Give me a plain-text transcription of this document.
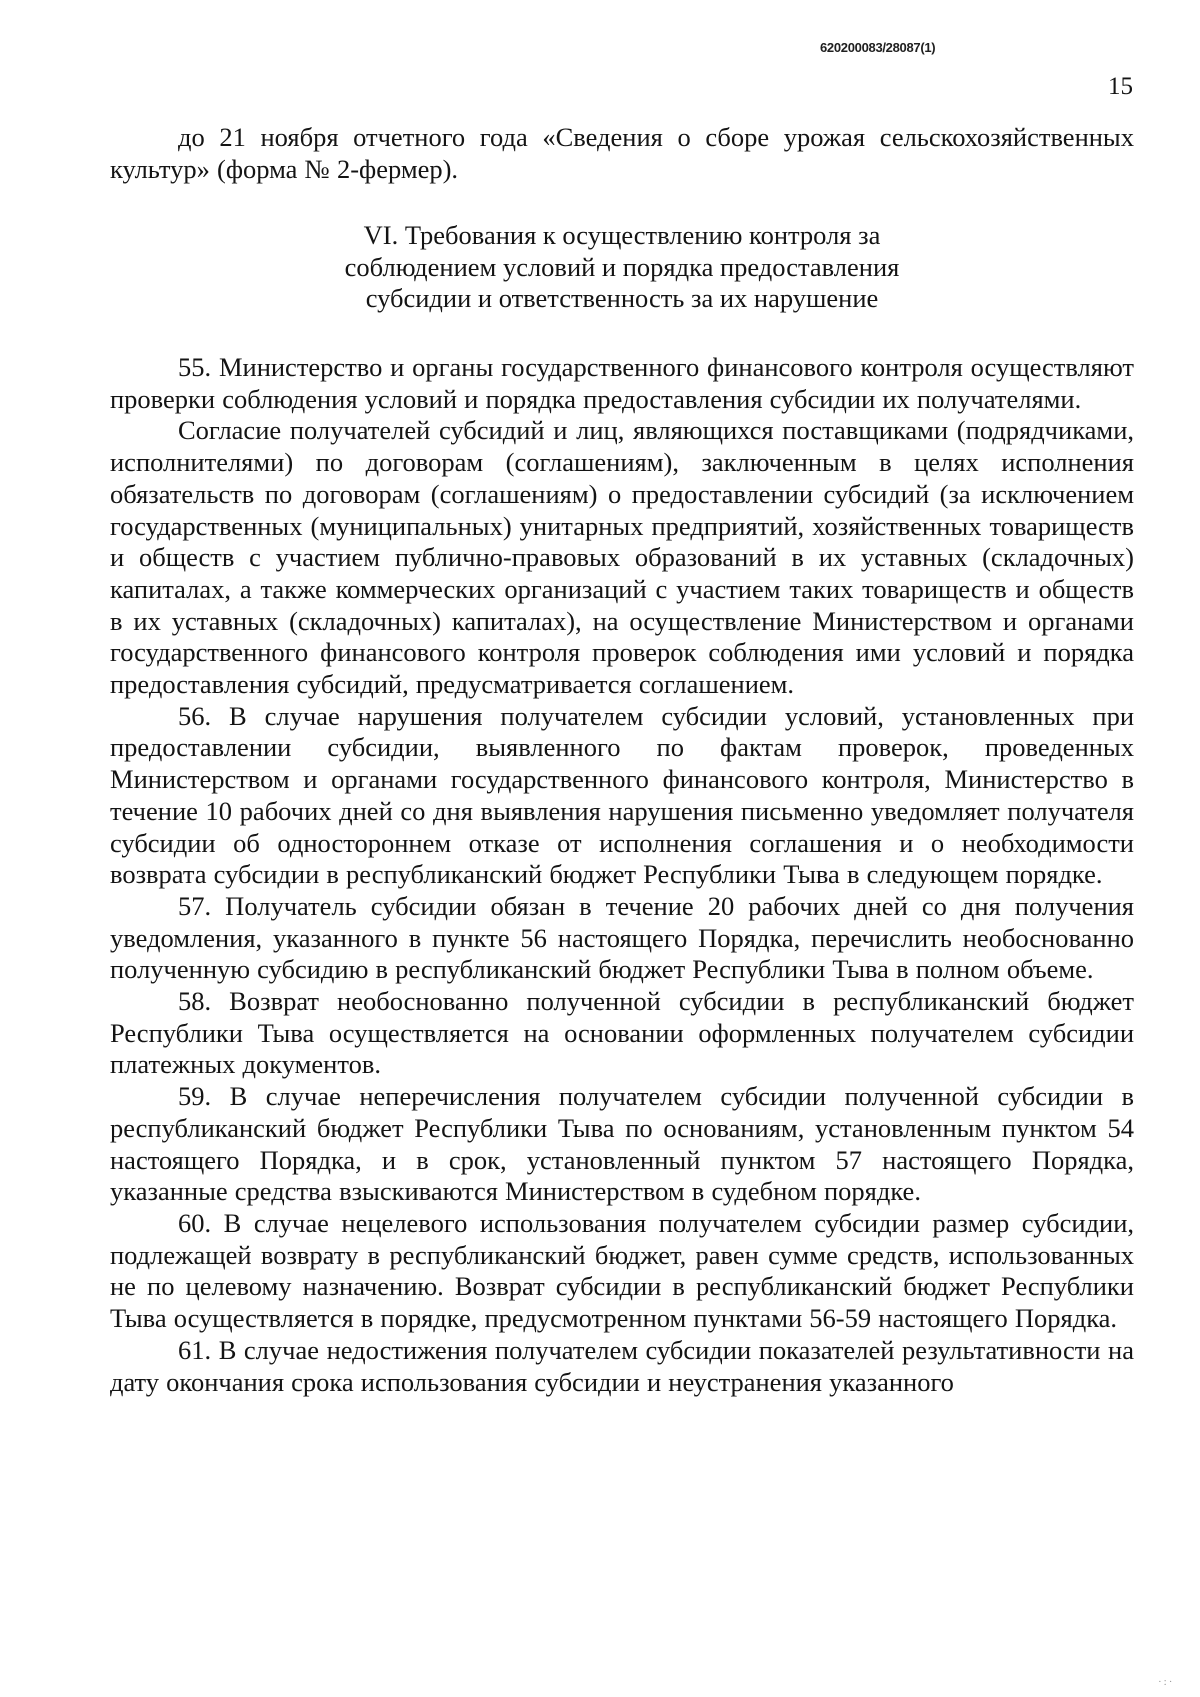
620200083/28087(1)
15
до 21 ноября отчетного года «Сведения о сборе урожая сельскохозяйственных культур» (форма № 2-фермер).
VI. Требования к осуществлению контроля за
соблюдением условий и порядка предоставления
субсидии и ответственность за их нарушение

55. Министерство и органы государственного финансового контроля осуществляют проверки соблюдения условий и порядка предоставления субсидии их получателями.

Согласие получателей субсидий и лиц, являющихся поставщиками (подрядчиками, исполнителями) по договорам (соглашениям), заключенным в целях исполнения обязательств по договорам (соглашениям) о предоставлении субсидий (за исключением государственных (муниципальных) унитарных предприятий, хозяйственных товариществ и обществ с участием публично-правовых образований в их уставных (складочных) капиталах, а также коммерческих организаций с участием таких товариществ и обществ в их уставных (складочных) капиталах), на осуществление Министерством и органами государственного финансового контроля проверок соблюдения ими условий и порядка предоставления субсидий, предусматривается соглашением.

56. В случае нарушения получателем субсидии условий, установленных при предоставлении субсидии, выявленного по фактам проверок, проведенных Министерством и органами государственного финансового контроля, Министерство в течение 10 рабочих дней со дня выявления нарушения письменно уведомляет получателя субсидии об одностороннем отказе от исполнения соглашения и о необходимости возврата субсидии в республиканский бюджет Республики Тыва в следующем порядке.

57. Получатель субсидии обязан в течение 20 рабочих дней со дня получения уведомления, указанного в пункте 56 настоящего Порядка, перечислить необоснованно полученную субсидию в республиканский бюджет Республики Тыва в полном объеме.

58. Возврат необоснованно полученной субсидии в республиканский бюджет Республики Тыва осуществляется на основании оформленных получателем субсидии платежных документов.

59. В случае неперечисления получателем субсидии полученной субсидии в республиканский бюджет Республики Тыва по основаниям, установленным пунктом 54 настоящего Порядка, и в срок, установленный пунктом 57 настоящего Порядка, указанные средства взыскиваются Министерством в судебном порядке.

60. В случае нецелевого использования получателем субсидии размер субсидии, подлежащей возврату в республиканский бюджет, равен сумме средств, использованных не по целевому назначению. Возврат субсидии в республиканский бюджет Республики Тыва осуществляется в порядке, предусмотренном пунктами 56-59 настоящего Порядка.

61. В случае недостижения получателем субсидии показателей результативности на дату окончания срока использования субсидии и неустранения указанного

·:·
